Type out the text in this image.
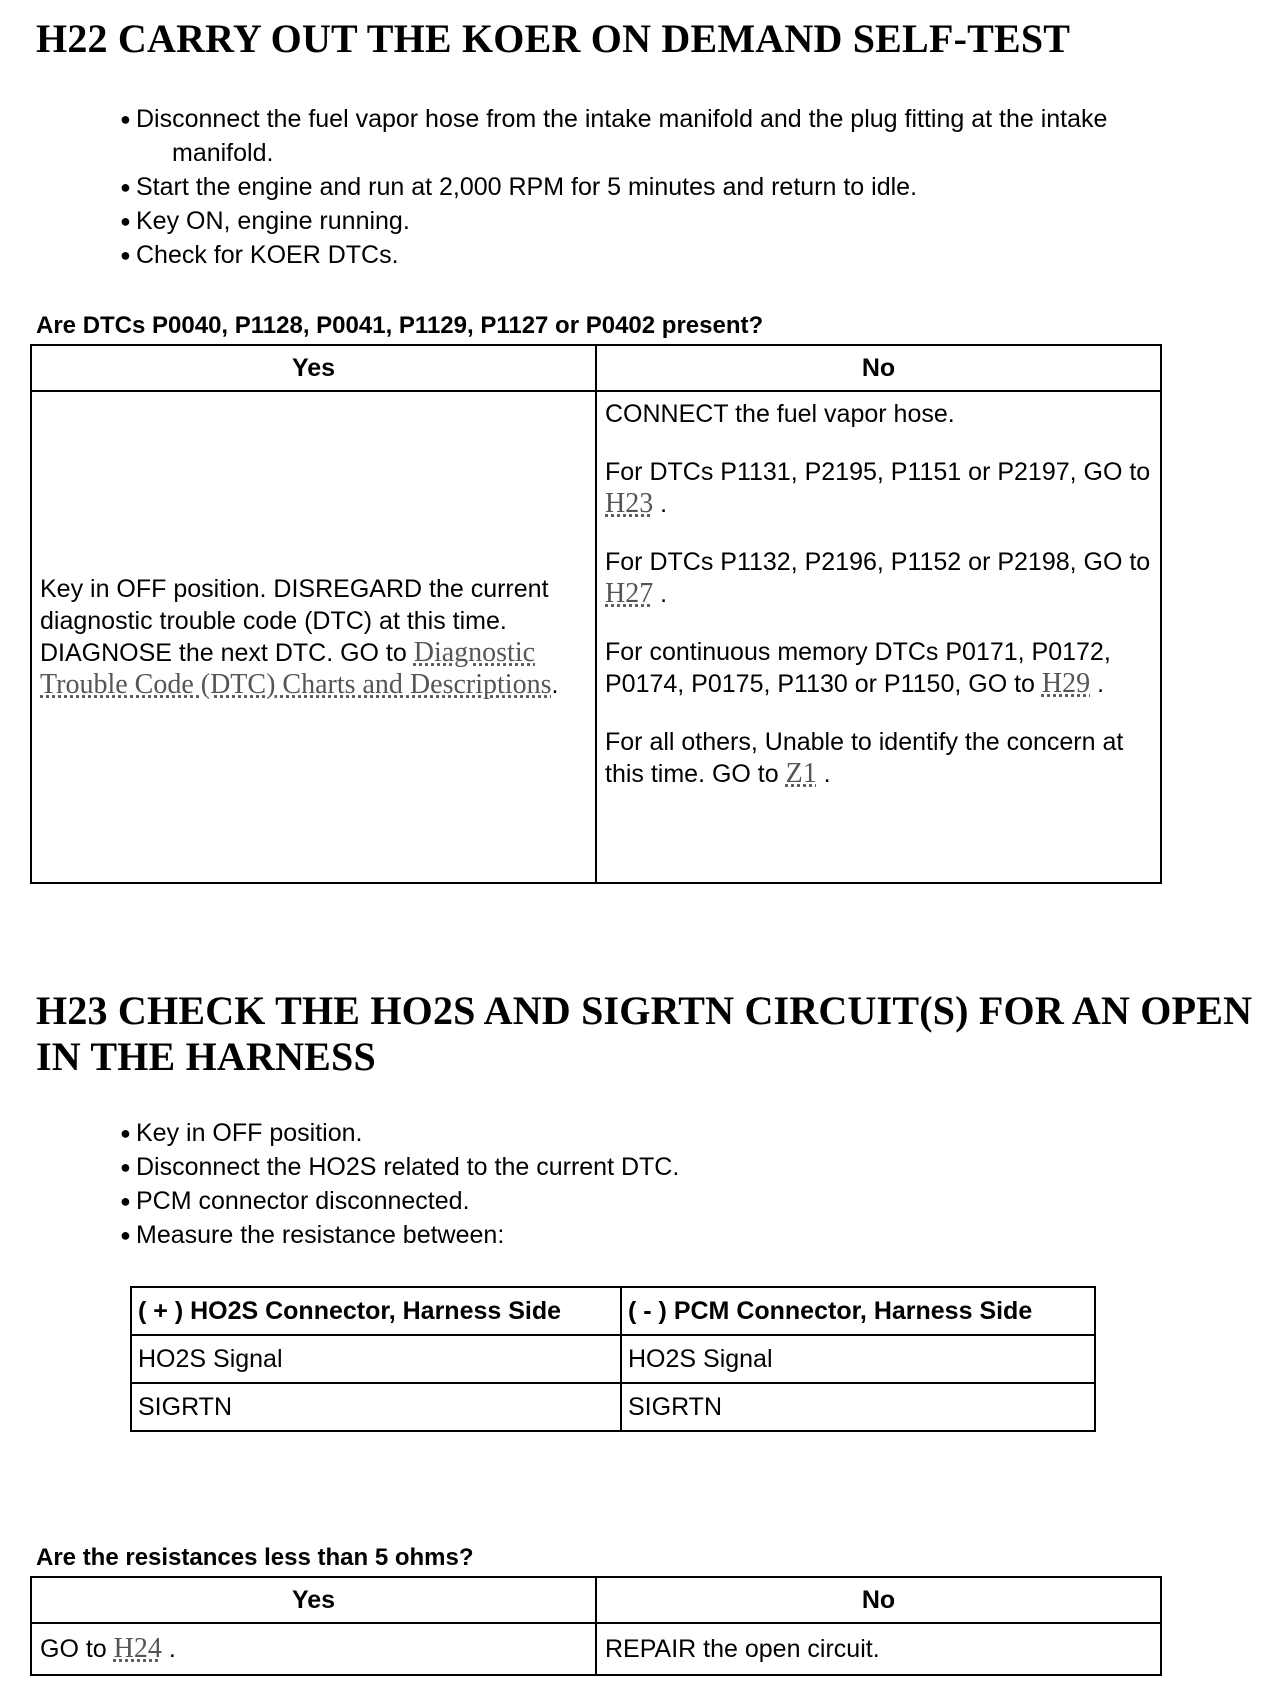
H22 CARRY OUT THE KOER ON DEMAND SELF-TEST
● Disconnect the fuel vapor hose from the intake manifold and the plug fitting at the intake
manifold.
● Start the engine and run at 2,000 RPM for 5 minutes and return to idle.
● Key ON, engine running.
● Check for KOER DTCs.

Are DTCs P0040, P1128, P0041, P1129, P1127 or P0402 present?

Yes	No
Key in OFF position. DISREGARD the current diagnostic trouble code (DTC) at this time. DIAGNOSE the next DTC. GO to Diagnostic Trouble Code (DTC) Charts and Descriptions.	CONNECT the fuel vapor hose.

For DTCs P1131, P2195, P1151 or P2197, GO to H23 .

For DTCs P1132, P2196, P1152 or P2198, GO to H27 .

For continuous memory DTCs P0171, P0172, P0174, P0175, P1130 or P1150, GO to H29 .

For all others, Unable to identify the concern at this time. GO to Z1 .

H23 CHECK THE HO2S AND SIGRTN CIRCUIT(S) FOR AN OPEN
IN THE HARNESS
● Key in OFF position.
● Disconnect the HO2S related to the current DTC.
● PCM connector disconnected.
● Measure the resistance between:
( + ) HO2S Connector, Harness Side	( - ) PCM Connector, Harness Side
HO2S Signal	HO2S Signal
SIGRTN	SIGRTN

Are the resistances less than 5 ohms?

Yes	No
GO to H24 .	REPAIR the open circuit.
